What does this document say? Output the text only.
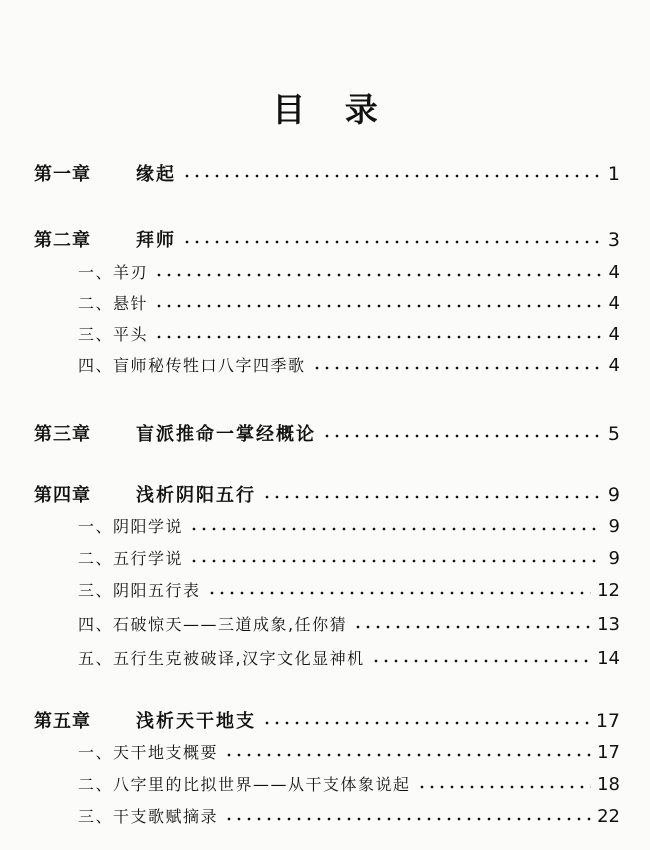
目 录
第一章	缘起	1
第二章	拜师	3
一、羊刃	4
二、悬针	4
三、平头	4
四、盲师秘传牲口八字四季歌	4
第三章	盲派推命一掌经概论	5
第四章	浅析阴阳五行	9
一、阴阳学说	9
二、五行学说	9
三、阴阳五行表	12
四、石破惊天——三道成象,任你猜	13
五、五行生克被破译,汉字文化显神机	14
第五章	浅析天干地支	17
一、天干地支概要	17
二、八字里的比拟世界——从干支体象说起	18
三、干支歌赋摘录	22
